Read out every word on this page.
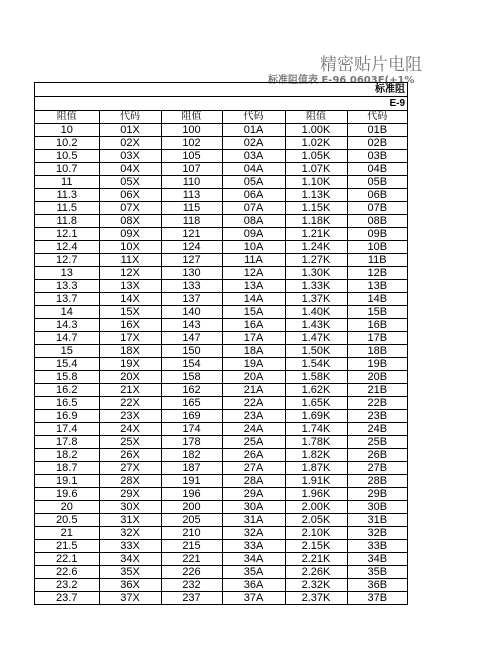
精密贴片电阻
标准阻值表 E-96 0603F(+1%
标准阻
E-9
阻值	代码	阻值	代码	阻值	代码
10	01X	100	01A	1.00K	01B
10.2	02X	102	02A	1.02K	02B
10.5	03X	105	03A	1.05K	03B
10.7	04X	107	04A	1.07K	04B
11	05X	110	05A	1.10K	05B
11.3	06X	113	06A	1.13K	06B
11.5	07X	115	07A	1.15K	07B
11.8	08X	118	08A	1.18K	08B
12.1	09X	121	09A	1.21K	09B
12.4	10X	124	10A	1.24K	10B
12.7	11X	127	11A	1.27K	11B
13	12X	130	12A	1.30K	12B
13.3	13X	133	13A	1.33K	13B
13.7	14X	137	14A	1.37K	14B
14	15X	140	15A	1.40K	15B
14.3	16X	143	16A	1.43K	16B
14.7	17X	147	17A	1.47K	17B
15	18X	150	18A	1.50K	18B
15.4	19X	154	19A	1.54K	19B
15.8	20X	158	20A	1.58K	20B
16.2	21X	162	21A	1.62K	21B
16.5	22X	165	22A	1.65K	22B
16.9	23X	169	23A	1.69K	23B
17.4	24X	174	24A	1.74K	24B
17.8	25X	178	25A	1.78K	25B
18.2	26X	182	26A	1.82K	26B
18.7	27X	187	27A	1.87K	27B
19.1	28X	191	28A	1.91K	28B
19.6	29X	196	29A	1.96K	29B
20	30X	200	30A	2.00K	30B
20.5	31X	205	31A	2.05K	31B
21	32X	210	32A	2.10K	32B
21.5	33X	215	33A	2.15K	33B
22.1	34X	221	34A	2.21K	34B
22.6	35X	226	35A	2.26K	35B
23.2	36X	232	36A	2.32K	36B
23.7	37X	237	37A	2.37K	37B
